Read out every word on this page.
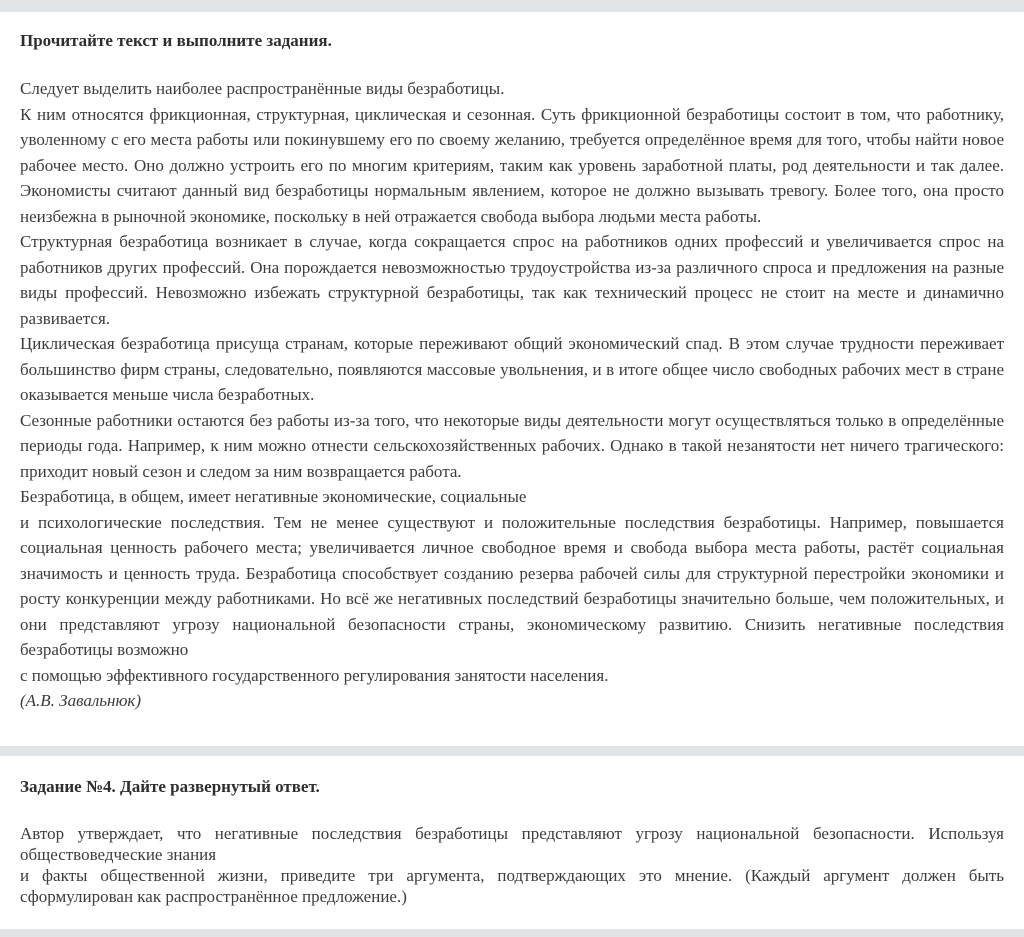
Прочитайте текст и выполните задания.

Следует выделить наиболее распространённые виды безработицы.

К ним относятся фрикционная, структурная, циклическая и сезонная. Суть фрикционной безработицы состоит в том, что работнику, уволенному с его места работы или покинувшему его по своему желанию, требуется определённое время для того, чтобы найти новое рабочее место. Оно должно устроить его по многим критериям, таким как уровень заработной платы, род деятельности и так далее. Экономисты считают данный вид безработицы нормальным явлением, которое не должно вызывать тревогу. Более того, она просто неизбежна в рыночной экономике, поскольку в ней отражается свобода выбора людьми места работы.

Структурная безработица возникает в случае, когда сокращается спрос на работников одних профессий и увеличивается спрос на работников других профессий. Она порождается невозможностью трудоустройства из-за различного спроса и предложения на разные виды профессий. Невозможно избежать структурной безработицы, так как технический процесс не стоит на месте и динамично развивается.

Циклическая безработица присуща странам, которые переживают общий экономический спад. В этом случае трудности переживает большинство фирм страны, следовательно, появляются массовые увольнения, и в итоге общее число свободных рабочих мест в стране оказывается меньше числа безработных.

Сезонные работники остаются без работы из-за того, что некоторые виды деятельности могут осуществляться только в определённые периоды года. Например, к ним можно отнести сельскохозяйственных рабочих. Однако в такой незанятости нет ничего трагического: приходит новый сезон и следом за ним возвращается работа.

Безработица, в общем, имеет негативные экономические, социальные

и психологические последствия. Тем не менее существуют и положительные последствия безработицы. Например, повышается социальная ценность рабочего места; увеличивается личное свободное время и свобода выбора места работы, растёт социальная значимость и ценность труда. Безработица способствует созданию резерва рабочей силы для структурной перестройки экономики и росту конкуренции между работниками. Но всё же негативных последствий безработицы значительно больше, чем положительных, и они представляют угрозу национальной безопасности страны, экономическому развитию. Снизить негативные последствия безработицы возможно

с помощью эффективного государственного регулирования занятости населения.

(А.В. Завальнюк)

Задание №4. Дайте развернутый ответ.

Автор утверждает, что негативные последствия безработицы представляют угрозу национальной безопасности. Используя обществоведческие знания

и факты общественной жизни, приведите три аргумента, подтверждающих это мнение. (Каждый аргумент должен быть сформулирован как распространённое предложение.)
